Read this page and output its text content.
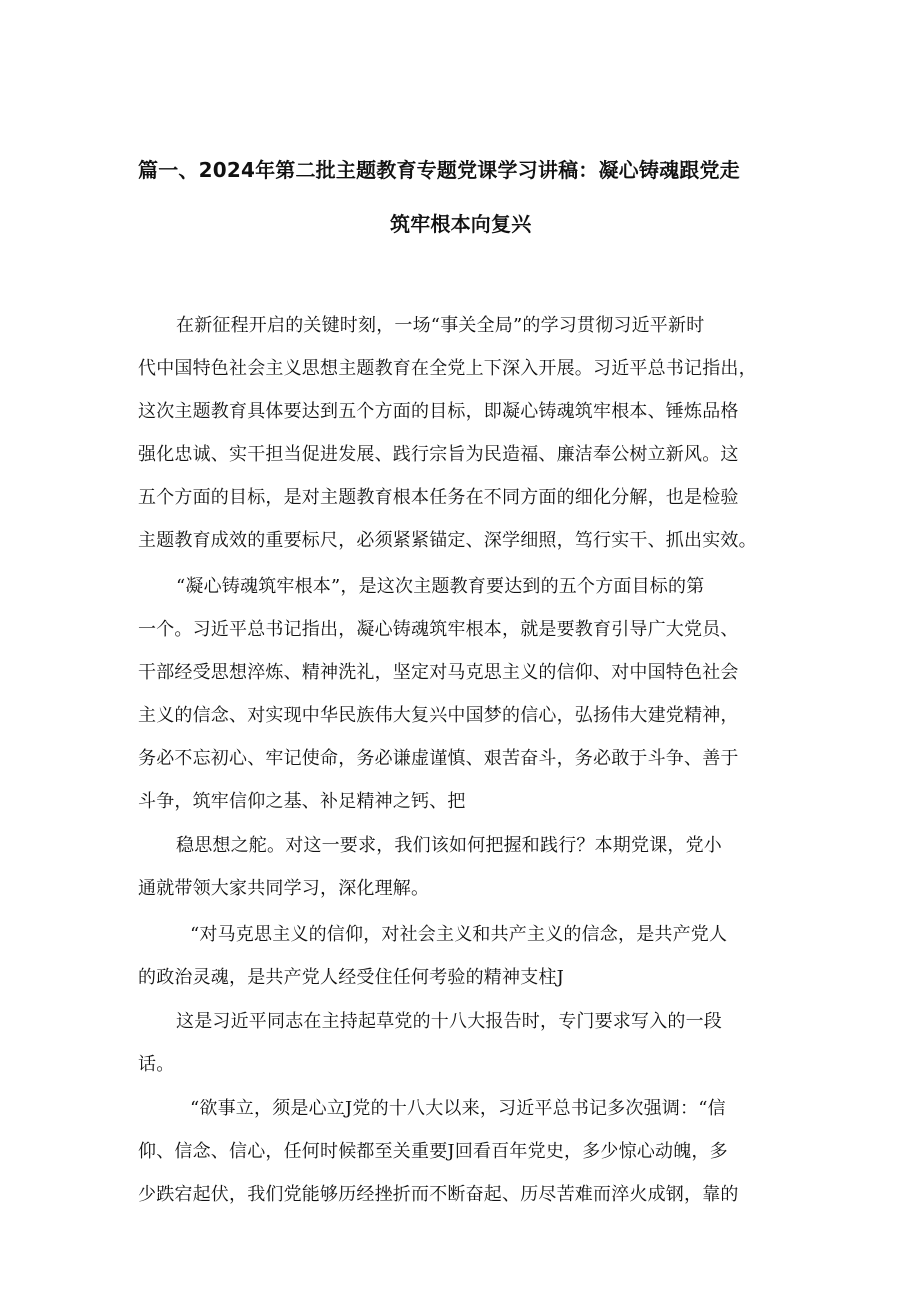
篇一、2024年第二批主题教育专题党课学习讲稿：凝心铸魂跟党走
筑牢根本向复兴
在新征程开启的关键时刻，一场“事关全局”的学习贯彻习近平新时
代中国特色社会主义思想主题教育在全党上下深入开展。习近平总书记指出，
这次主题教育具体要达到五个方面的目标，即凝心铸魂筑牢根本、锤炼品格
强化忠诚、实干担当促进发展、践行宗旨为民造福、廉洁奉公树立新风。这
五个方面的目标，是对主题教育根本任务在不同方面的细化分解，也是检验
主题教育成效的重要标尺，必须紧紧锚定、深学细照，笃行实干、抓出实效。
“凝心铸魂筑牢根本”，是这次主题教育要达到的五个方面目标的第
一个。习近平总书记指出，凝心铸魂筑牢根本，就是要教育引导广大党员、
干部经受思想淬炼、精神洗礼，坚定对马克思主义的信仰、对中国特色社会
主义的信念、对实现中华民族伟大复兴中国梦的信心，弘扬伟大建党精神，
务必不忘初心、牢记使命，务必谦虚谨慎、艰苦奋斗，务必敢于斗争、善于
斗争，筑牢信仰之基、补足精神之钙、把
稳思想之舵。对这一要求，我们该如何把握和践行？本期党课，党小
通就带领大家共同学习，深化理解。
“对马克思主义的信仰，对社会主义和共产主义的信念，是共产党人
的政治灵魂，是共产党人经受住任何考验的精神支柱J
这是习近平同志在主持起草党的十八大报告时，专门要求写入的一段
话。
“欲事立，须是心立J党的十八大以来，习近平总书记多次强调：“信
仰、信念、信心，任何时候都至关重要J回看百年党史，多少惊心动魄，多
少跌宕起伏，我们党能够历经挫折而不断奋起、历尽苦难而淬火成钢，靠的
